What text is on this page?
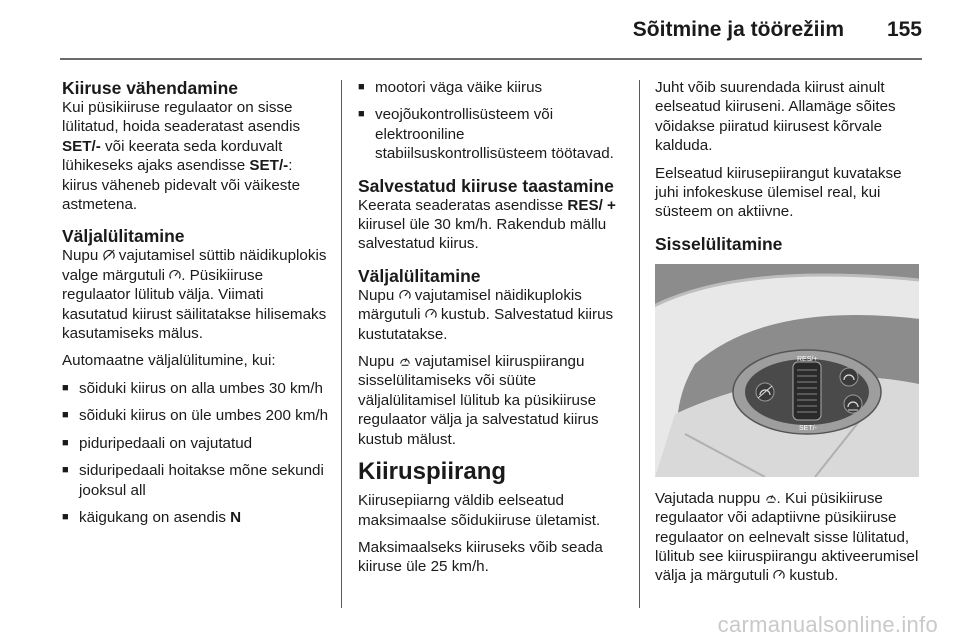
Sõitmine ja töörežiim 155
Kiiruse vähendamine

Kui püsikiiruse regulaator on sisse lülitatud, hoida seaderatast asendis SET/- või keerata seda korduvalt lühikeseks ajaks asendisse SET/-: kiirus väheneb pidevalt või väikeste astmetena.

Väljalülitamine

Nupu  vajutamisel süttib näidikuplokis valge märgutuli . Püsikiiruse regulaator lülitub välja. Viimati kasutatud kiirust säilitatakse hilisemaks kasutamiseks mälus.

Automaatne väljalülitumine, kui:

■ sõiduki kiirus on alla umbes 30 km/h
■ sõiduki kiirus on üle umbes 200 km/h
■ piduripedaali on vajutatud
■ siduripedaali hoitakse mõne sekundi jooksul all
■ käigukang on asendis N
■ mootori väga väike kiirus
■ veojõukontrollisüsteem või elektrooniline stabiilsuskontrollisüsteem töötavad.
Salvestatud kiiruse taastamine

Keerata seaderatas asendisse RES/ + kiirusel üle 30 km/h. Rakendub mällu salvestatud kiirus.

Väljalülitamine

Nupu  vajutamisel näidikuplokis märgutuli  kustub. Salvestatud kiirus kustutatakse.

Nupu  vajutamisel kiiruspiirangu sisselülitamiseks või süüte väljalülitamisel lülitub ka püsikiiruse regulaator välja ja salvestatud kiirus kustub mälust.

Kiiruspiirang

Kiirusepiiarng väldib eelseatud maksimaalse sõidukiiruse ületamist.

Maksimaalseks kiiruseks võib seada kiiruse üle 25 km/h.

Juht võib suurendada kiirust ainult eelseatud kiiruseni. Allamäge sõites võidakse piiratud kiirusest kõrvale kalduda.

Eelseatud kiirusepiirangut kuvatakse juhi infokeskuse ülemisel real, kui süsteem on aktiivne.

Sisselülitamine
RES/+
SET/-

Vajutada nuppu . Kui püsikiiruse regulaator või adaptiivne püsikiiruse regulaator on eelnevalt sisse lülitatud, lülitub see kiiruspiirangu aktiveerumisel välja ja märgutuli  kustub.

carmanualsonline.info
